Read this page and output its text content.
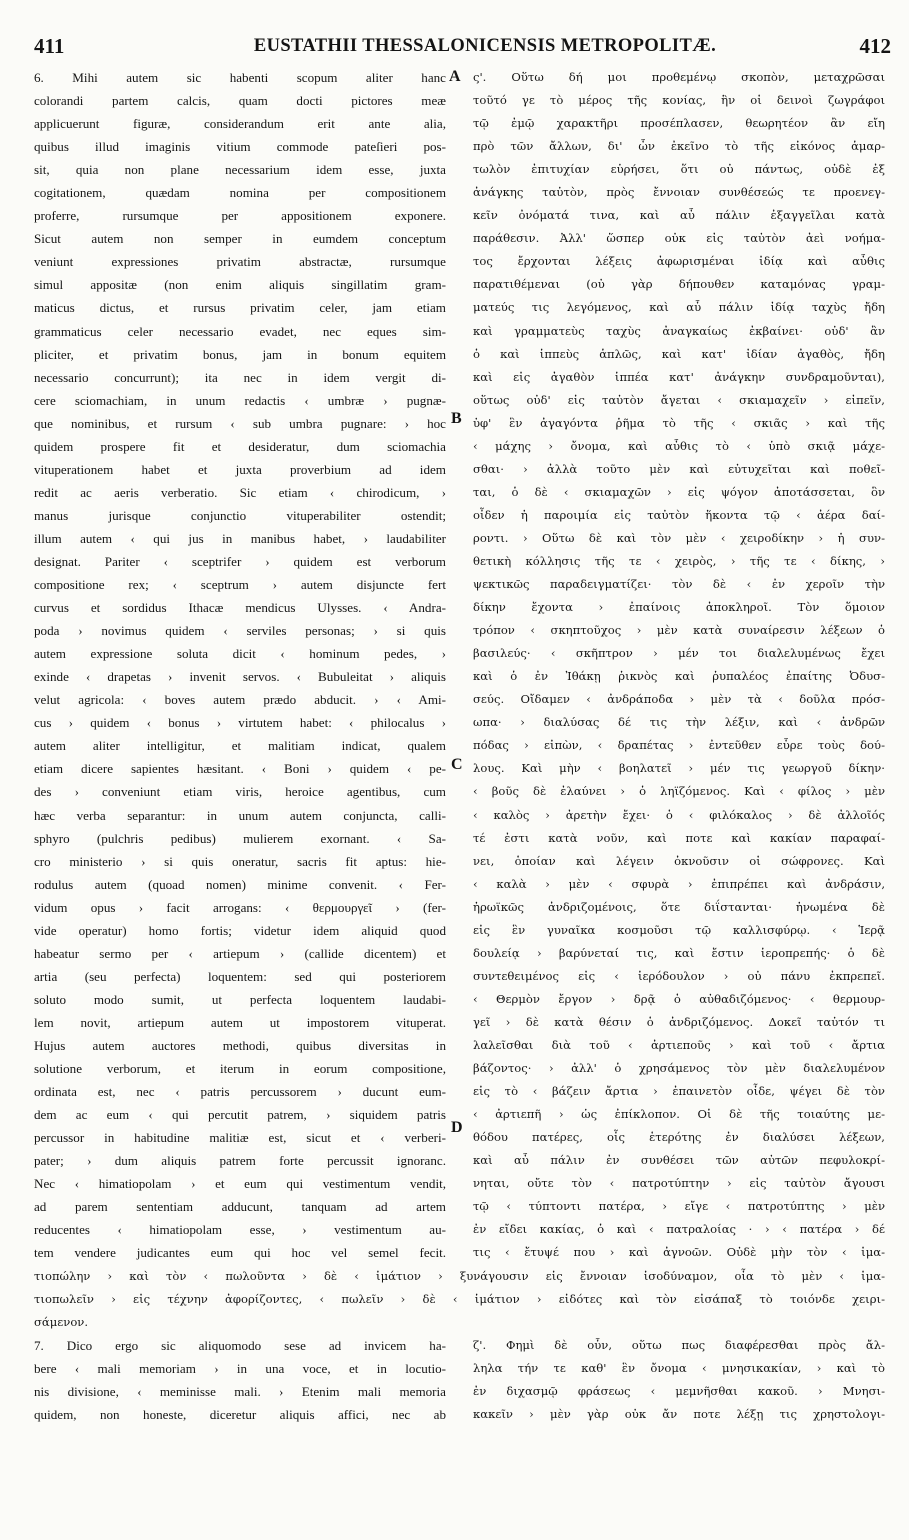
411	EUSTATHII THESSALONICENSIS METROPOLITÆ.	412
A
B
C
D
6. Mihi autem sic habenti scopum aliter hanc
colorandi partem calcis, quam docti pictores meæ
applicuerunt figuræ, considerandum erit ante alia,
quibus illud imaginis vitium commode pateſieri pos-
sit, quia non plane necessarium idem esse, juxta
cogitationem, quædam nomina per compositionem
proferre, rursumque per appositionem exponere.
Sicut autem non semper in eumdem conceptum
veniunt expressiones privatim abstractæ, rursumque
simul appositæ (non enim aliquis singillatim gram-
maticus dictus, et rursus privatim celer, jam etiam
grammaticus celer necessario evadet, nec eques sim-
pliciter, et privatim bonus, jam in bonum equitem
necessario concurrunt); ita nec in idem vergit di-
cere sciomachiam, in unum redactis ‹ umbræ › pugnæ-
que nominibus, et rursum ‹ sub umbra pugnare: › hoc
quidem prospere fit et desideratur, dum sciomachia
vituperationem habet et juxta proverbium ad idem
redit ac aeris verberatio. Sic etiam ‹ chirodicum, ›
manus jurisque conjunctio vituperabiliter ostendit;
illum autem ‹ qui jus in manibus habet, › laudabiliter
designat. Pariter ‹ sceptrifer › quidem est verborum
compositione rex; ‹ sceptrum › autem disjuncte fert
curvus et sordidus Ithacæ mendicus Ulysses. ‹ Andra-
poda › novimus quidem ‹ serviles personas; › si quis
autem expressione soluta dicit ‹ hominum pedes, ›
exinde ‹ drapetas › invenit servos. ‹ Bubuleitat › aliquis
velut agricola: ‹ boves autem prædo abducit. › ‹ Ami-
cus › quidem ‹ bonus › virtutem habet: ‹ philocalus ›
autem aliter intelligitur, et malitiam indicat, qualem
etiam dicere sapientes hæsitant. ‹ Boni › quidem ‹ pe-
des › conveniunt etiam viris, heroice agentibus, cum
hæc verba separantur: in unum autem conjuncta, calli-
sphyro (pulchris pedibus) mulierem exornant. ‹ Sa-
cro ministerio › si quis oneratur, sacris fit aptus: hie-
rodulus autem (quoad nomen) minime convenit. ‹ Fer-
vidum opus › facit arrogans: ‹ θερμουργεῖ › (fer-
vide operatur) homo fortis; videtur idem aliquid quod
habeatur sermo per ‹ artiepum › (callide dicentem) et
artia (seu perfecta) loquentem: sed qui posteriorem
soluto modo sumit, ut perfecta loquentem laudabi-
lem novit, artiepum autem ut impostorem vituperat.
Hujus autem auctores methodi, quibus diversitas in
solutione verborum, et iterum in eorum compositione,
ordinata est, nec ‹ patris percussorem › ducunt eum-
dem ac eum ‹ qui percutit patrem, › siquidem patris
percussor in habitudine malitiæ est, sicut et ‹ verberi-
pater; › dum aliquis patrem forte percussit ignoranс.
Nec ‹ himatiopolam › et eum qui vestimentum vendit,
ad parem sententiam adducunt, tanquam ad artem
reducentes ‹ himatiopolam esse, › vestimentum au-
tem vendere judicantes eum qui hoc vel semel fecit.
7. Dico ergo sic aliquomodo sese ad invicem ha-
bere ‹ mali memoriam › in una voce, et in locutio-
nis divisione, ‹ meminisse mali. › Etenim mali memoria
quidem, non honeste, diceretur aliquis affici, nec ab
ς'. Οὕτω δή μοι προθεμένῳ σκοπὸν, μεταχρῶσαι
τοῦτό γε τὸ μέρος τῆς κονίας, ἣν οἱ δεινοὶ ζωγράφοι
τῷ ἐμῷ χαρακτῆρι προσέπλασεν, θεωρητέον ἂν εἴη
πρὸ τῶν ἄλλων, δι' ὧν ἐκεῖνο τὸ τῆς εἰκόνος ἁμαρ-
τωλὸν ἐπιτυχίαν εὑρήσει, ὅτι οὐ πάντως, οὐδὲ ἐξ
ἀνάγκης ταὐτὸν, πρὸς ἔννοιαν συνθέσεώς τε προενεγ-
κεῖν ὀνόματά τινα, καὶ αὖ πάλιν ἐξαγγεῖλαι κατὰ
παράθεσιν. Ἀλλ' ὥσπερ οὐκ εἰς ταὐτὸν ἀεὶ νοήμα-
τος ἔρχονται λέξεις ἀφωρισμέναι ἰδίᾳ καὶ αὖθις
παρατιθέμεναι (οὐ γὰρ δήπουθεν καταμόνας γραμ-
ματεύς τις λεγόμενος, καὶ αὖ πάλιν ἰδίᾳ ταχὺς ἤδη
καὶ γραμματεὺς ταχὺς ἀναγκαίως ἐκβαίνει· οὐδ' ἂν
ὁ καὶ ἱππεὺς ἁπλῶς, καὶ κατ' ἰδίαν ἀγαθὸς, ἤδη
καὶ εἰς ἀγαθὸν ἱππέα κατ' ἀνάγκην συνδραμοῦνται),
οὕτως οὐδ' εἰς ταὐτὸν ἄγεται ‹ σκιαμαχεῖν › εἰπεῖν,
ὑφ' ἓν ἀγαγόντα ῥῆμα τὸ τῆς ‹ σκιᾶς › καὶ τῆς
‹ μάχης › ὄνομα, καὶ αὖθις τὸ ‹ ὑπὸ σκιᾷ μάχε-
σθαι· › ἀλλὰ τοῦτο μὲν καὶ εὐτυχεῖται καὶ ποθεῖ-
ται, ὁ δὲ ‹ σκιαμαχῶν › εἰς ψόγον ἀποτάσσεται, ὃν
οἶδεν ἡ παροιμία εἰς ταὐτὸν ἥκοντα τῷ ‹ ἀέρα δαί-
ροντι. › Οὕτω δὲ καὶ τὸν μὲν ‹ χειροδίκην › ἡ συν-
θετικὴ κόλλησις τῆς τε ‹ χειρὸς, › τῆς τε ‹ δίκης, ›
ψεκτικῶς παραδειγματίζει· τὸν δὲ ‹ ἐν χεροῖν τὴν
δίκην ἔχοντα › ἐπαίνοις ἀποκληροῖ. Τὸν ὅμοιον
τρόπον ‹ σκηπτοῦχος › μὲν κατὰ συναίρεσιν λέξεων ὁ
βασιλεύς· ‹ σκῆπτρον › μέν τοι διαλελυμένως ἔχει
καὶ ὁ ἐν Ἰθάκῃ ῥικνὸς καὶ ῥυπαλέος ἐπαίτης Ὀδυσ-
σεύς. Οἴδαμεν ‹ ἀνδράποδα › μὲν τὰ ‹ δοῦλα πρόσ-
ωπα· › διαλύσας δέ τις τὴν λέξιν, καὶ ‹ ἀνδρῶν
πόδας › εἰπὼν, ‹ δραπέτας › ἐντεῦθεν εὗρε τοὺς δού-
λους. Καὶ μὴν ‹ βοηλατεῖ › μέν τις γεωργοῦ δίκην·
‹ βοῦς δὲ ἐλαύνει › ὁ ληϊζόμενος. Καὶ ‹ φίλος › μὲν
‹ καλὸς › ἀρετὴν ἔχει· ὁ ‹ φιλόκαλος › δὲ ἀλλοῖός
τέ ἐστι κατὰ νοῦν, καὶ ποτε καὶ κακίαν παραφαί-
νει, ὁποίαν καὶ λέγειν ὀκνοῦσιν οἱ σώφρονες. Καὶ
‹ καλὰ › μὲν ‹ σφυρὰ › ἐπιπρέπει καὶ ἀνδράσιν,
ἡρωϊκῶς ἀνδριζομένοις, ὅτε διΐστανται· ἡνωμένα δὲ
εἰς ἓν γυναῖκα κοσμοῦσι τῷ καλλισφύρῳ. ‹ Ἱερᾷ
δουλείᾳ › βαρύνεταί τις, καὶ ἔστιν ἱεροπρεπής· ὁ δὲ
συντεθειμένος εἰς ‹ ἱερόδουλον › οὐ πάνυ ἐκπρεπεῖ.
‹ Θερμὸν ἔργον › δρᾷ ὁ αὐθαδιζόμενος· ‹ θερμουρ-
γεῖ › δὲ κατὰ θέσιν ὁ ἀνδριζόμενος. Δοκεῖ ταὐτόν τι
λαλεῖσθαι διὰ τοῦ ‹ ἀρτιεποῦς › καὶ τοῦ ‹ ἄρτια
βάζοντος· › ἀλλ' ὁ χρησάμενος τὸν μὲν διαλελυμένον
εἰς τὸ ‹ βάζειν ἄρτια › ἐπαινετὸν οἶδε, ψέγει δὲ τὸν
‹ ἀρτιεπῆ › ὡς ἐπίκλοπον. Οἱ δὲ τῆς τοιαύτης με-
θόδου πατέρες, οἷς ἑτερότης ἐν διαλύσει λέξεων,
καὶ αὖ πάλιν ἐν συνθέσει τῶν αὐτῶν πεφυλοκρί-
νηται, οὔτε τὸν ‹ πατροτύπτην › εἰς ταὐτὸν ἄγουσι
τῷ ‹ τύπτοντι πατέρα, › εἴγε ‹ πατροτύπτης › μὲν
ἐν εἴδει κακίας, ὁ καὶ ‹ πατραλοίας · › ‹ πατέρα › δέ
τις ‹ ἔτυψέ που › καὶ ἀγνοῶν. Οὐδὲ μὴν τὸν ‹ ἱμα-
ζ'. Φημὶ δὲ οὖν, οὕτω πως διαφέρεσθαι πρὸς ἄλ-
ληλα τήν τε καθ' ἓν ὄνομα ‹ μνησικακίαν, › καὶ τὸ
ἐν διχασμῷ φράσεως ‹ μεμνῆσθαι κακοῦ. › Μνησι-
κακεῖν › μὲν γὰρ οὐκ ἄν ποτε λέξῃ τις χρηστολογι-
τιοπώλην › καὶ τὸν ‹ πωλοῦντα › δὲ ‹ ἱμάτιον › ξυνάγουσιν εἰς ἔννοιαν ἰσοδύναμον, οἷα τὸ μὲν ‹ ἱμα-
τιοπωλεῖν › εἰς τέχνην ἀφορίζοντες, ‹ πωλεῖν › δὲ ‹ ἱμάτιον › εἰδότες καὶ τὸν εἰσάπαξ τὸ τοιόνδε χειρι-
σάμενον.
